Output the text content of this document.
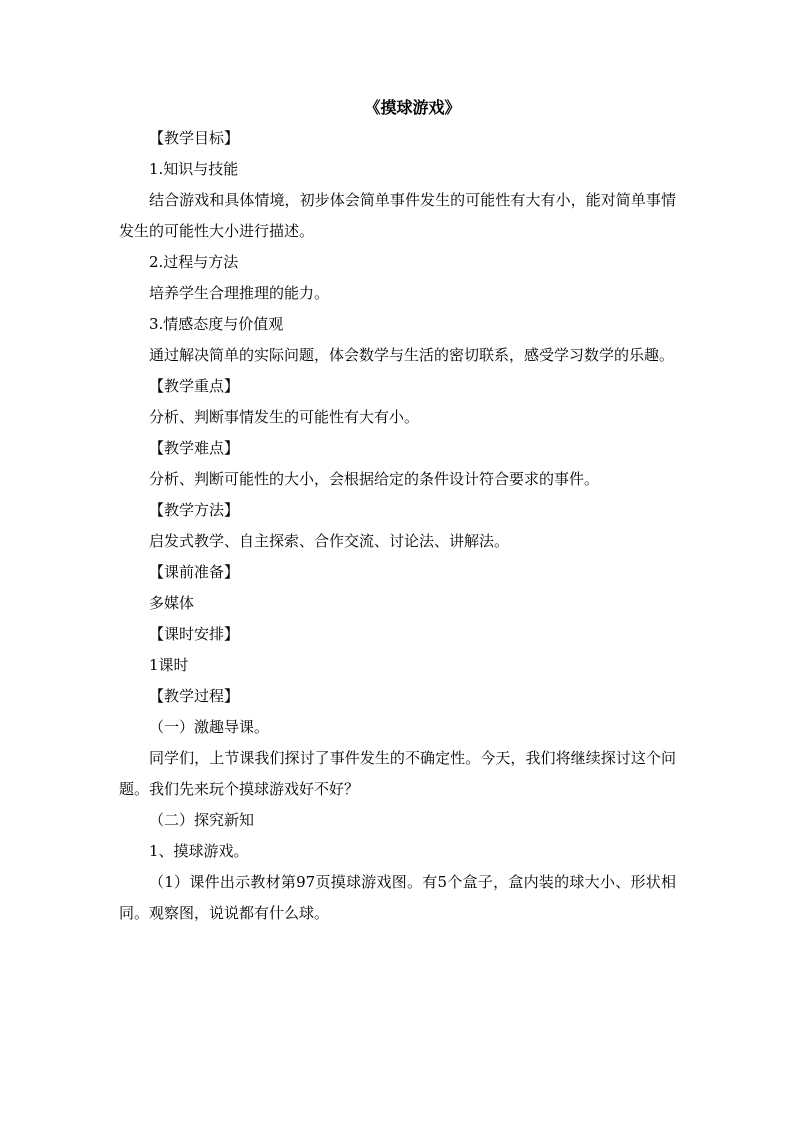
《摸球游戏》

【教学目标】

1.知识与技能

结合游戏和具体情境，初步体会简单事件发生的可能性有大有小，能对简单事情发生的可能性大小进行描述。

2.过程与方法

培养学生合理推理的能力。

3.情感态度与价值观

通过解决简单的实际问题，体会数学与生活的密切联系，感受学习数学的乐趣。

【教学重点】

分析、判断事情发生的可能性有大有小。

【教学难点】

分析、判断可能性的大小，会根据给定的条件设计符合要求的事件。

【教学方法】

启发式教学、自主探索、合作交流、讨论法、讲解法。

【课前准备】

多媒体

【课时安排】

1课时

【教学过程】

（一）激趣导课。

同学们，上节课我们探讨了事件发生的不确定性。今天，我们将继续探讨这个问题。我们先来玩个摸球游戏好不好？

（二）探究新知

1、摸球游戏。

（1）课件出示教材第97页摸球游戏图。有5个盒子，盒内装的球大小、形状相同。观察图，说说都有什么球。
